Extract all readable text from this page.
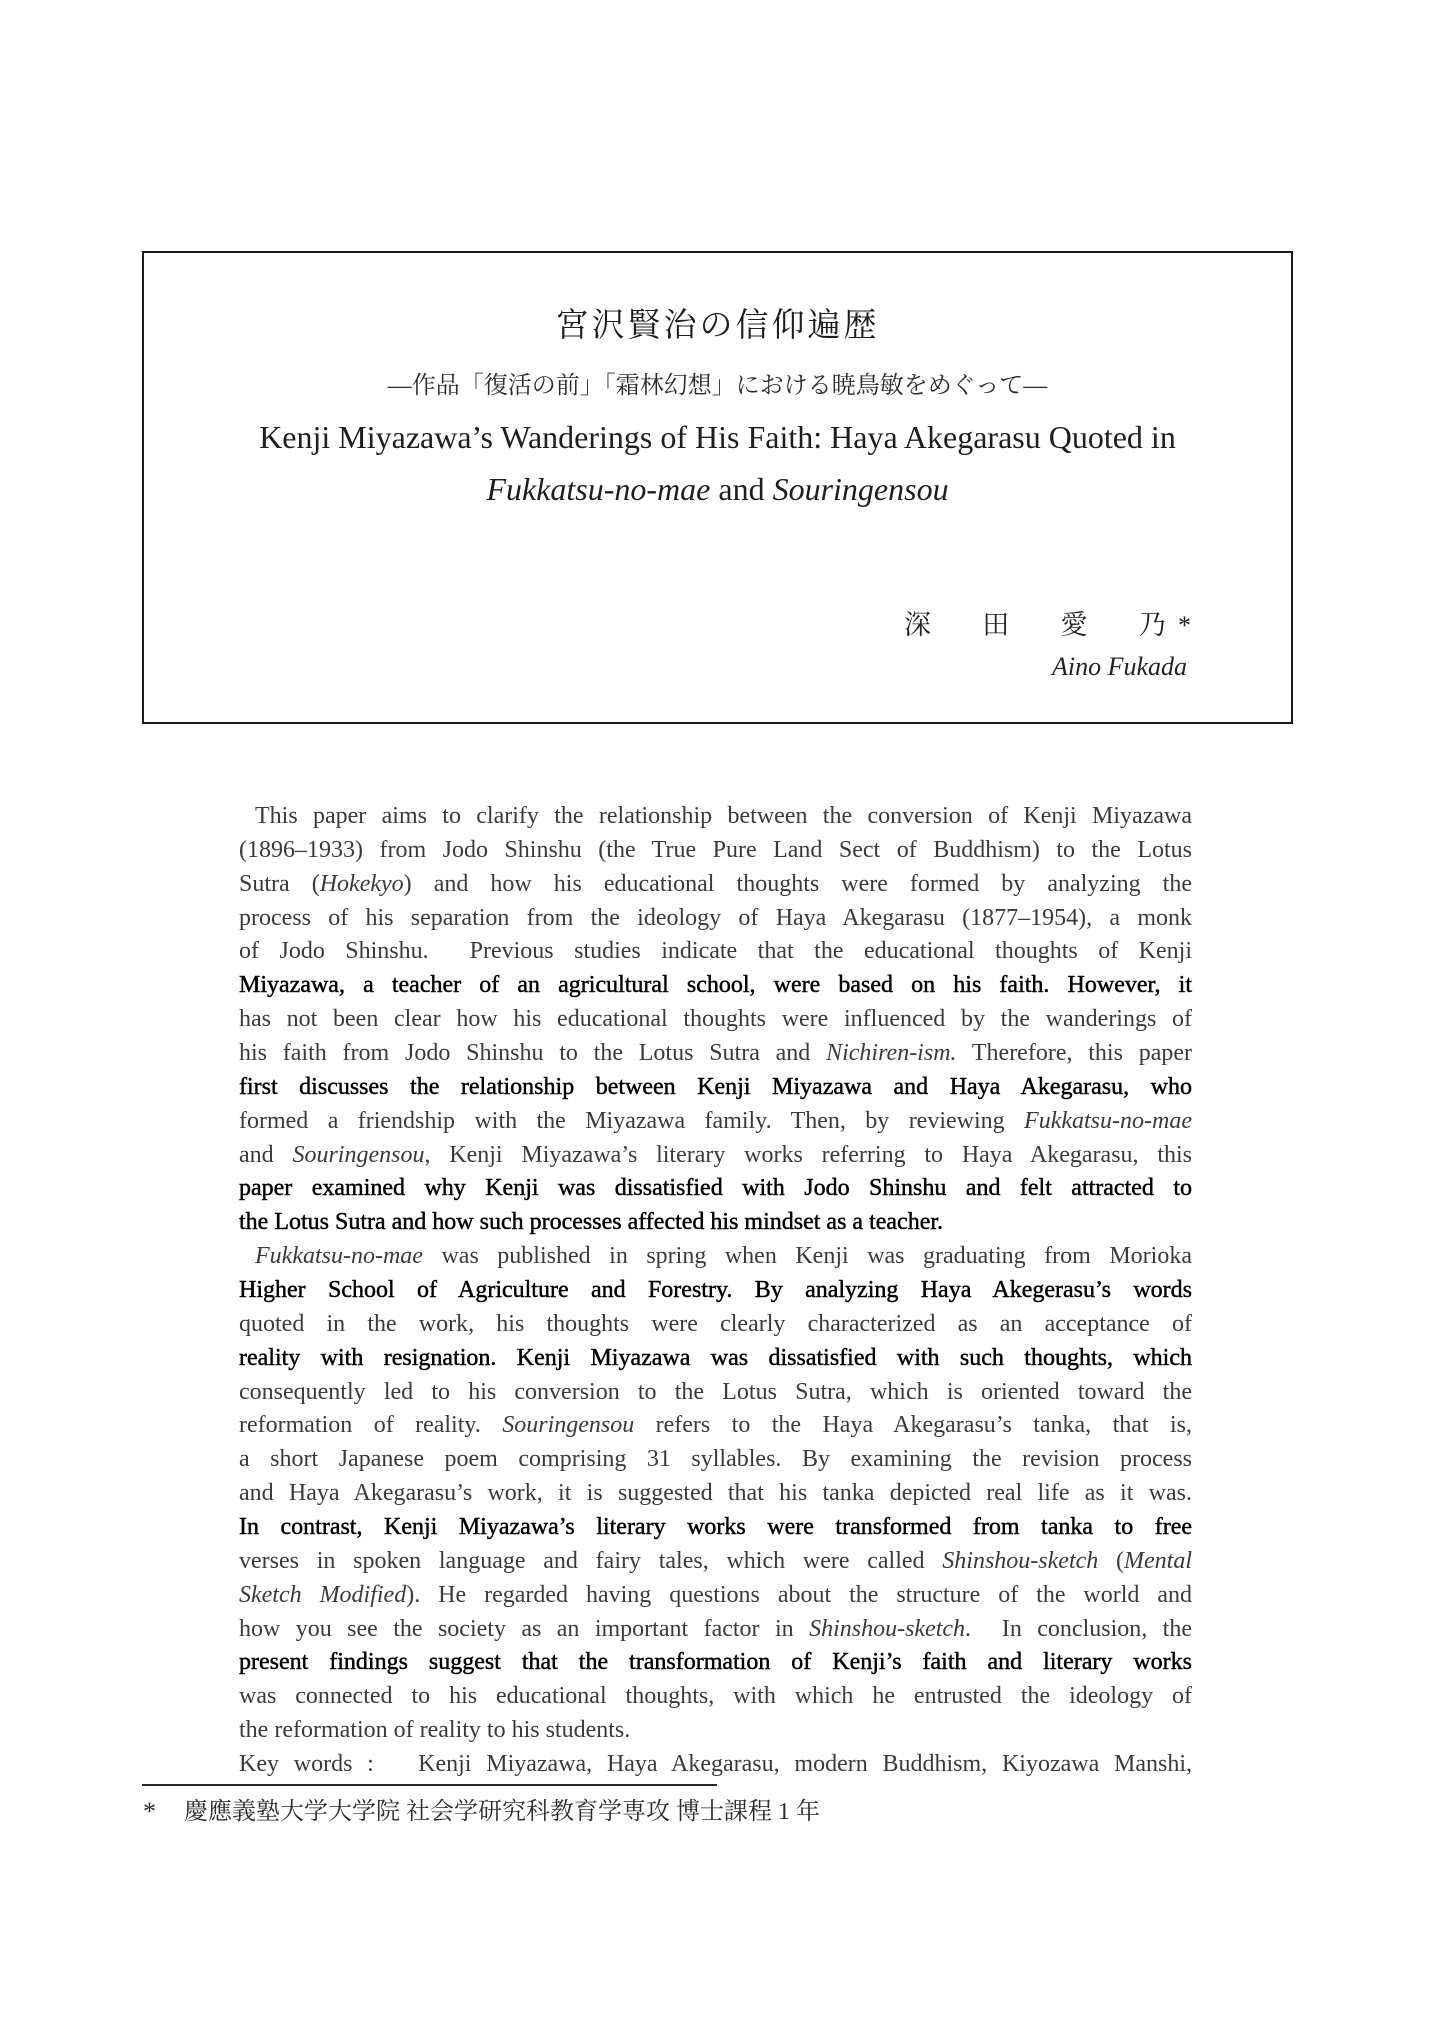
宮沢賢治の信仰遍歴
―作品「復活の前」「霜林幻想」における暁鳥敏をめぐって―
Kenji Miyazawa’s Wanderings of His Faith: Haya Akegarasu Quoted in
Fukkatsu-no-mae and Souringensou
深　田　愛　乃*
Aino Fukada
This paper aims to clarify the relationship between the conversion of Kenji Miyazawa
(1896–1933) from Jodo Shinshu (the True Pure Land Sect of Buddhism) to the Lotus
Sutra (Hokekyo) and how his educational thoughts were formed by analyzing the
process of his separation from the ideology of Haya Akegarasu (1877–1954), a monk
of Jodo Shinshu.  Previous studies indicate that the educational thoughts of Kenji
Miyazawa, a teacher of an agricultural school, were based on his faith. However, it
has not been clear how his educational thoughts were influenced by the wanderings of
his faith from Jodo Shinshu to the Lotus Sutra and Nichiren-ism. Therefore, this paper
first discusses the relationship between Kenji Miyazawa and Haya Akegarasu, who
formed a friendship with the Miyazawa family. Then, by reviewing Fukkatsu-no-mae
and Souringensou, Kenji Miyazawa’s literary works referring to Haya Akegarasu, this
paper examined why Kenji was dissatisfied with Jodo Shinshu and felt attracted to
the Lotus Sutra and how such processes affected his mindset as a teacher.
Fukkatsu-no-mae was published in spring when Kenji was graduating from Morioka
Higher School of Agriculture and Forestry. By analyzing Haya Akegerasu’s words
quoted in the work, his thoughts were clearly characterized as an acceptance of
reality with resignation. Kenji Miyazawa was dissatisfied with such thoughts, which
consequently led to his conversion to the Lotus Sutra, which is oriented toward the
reformation of reality. Souringensou refers to the Haya Akegarasu’s tanka, that is,
a short Japanese poem comprising 31 syllables. By examining the revision process
and Haya Akegarasu’s work, it is suggested that his tanka depicted real life as it was.
In contrast, Kenji Miyazawa’s literary works were transformed from tanka to free
verses in spoken language and fairy tales, which were called Shinshou-sketch (Mental
Sketch Modified). He regarded having questions about the structure of the world and
how you see the society as an important factor in Shinshou-sketch.  In conclusion, the
present findings suggest that the transformation of Kenji’s faith and literary works
was connected to his educational thoughts, with which he entrusted the ideology of
the reformation of reality to his students.
Key words :   Kenji Miyazawa, Haya Akegarasu, modern Buddhism, Kiyozawa Manshi,
* 慶應義塾大学大学院 社会学研究科教育学専攻 博士課程 1 年
